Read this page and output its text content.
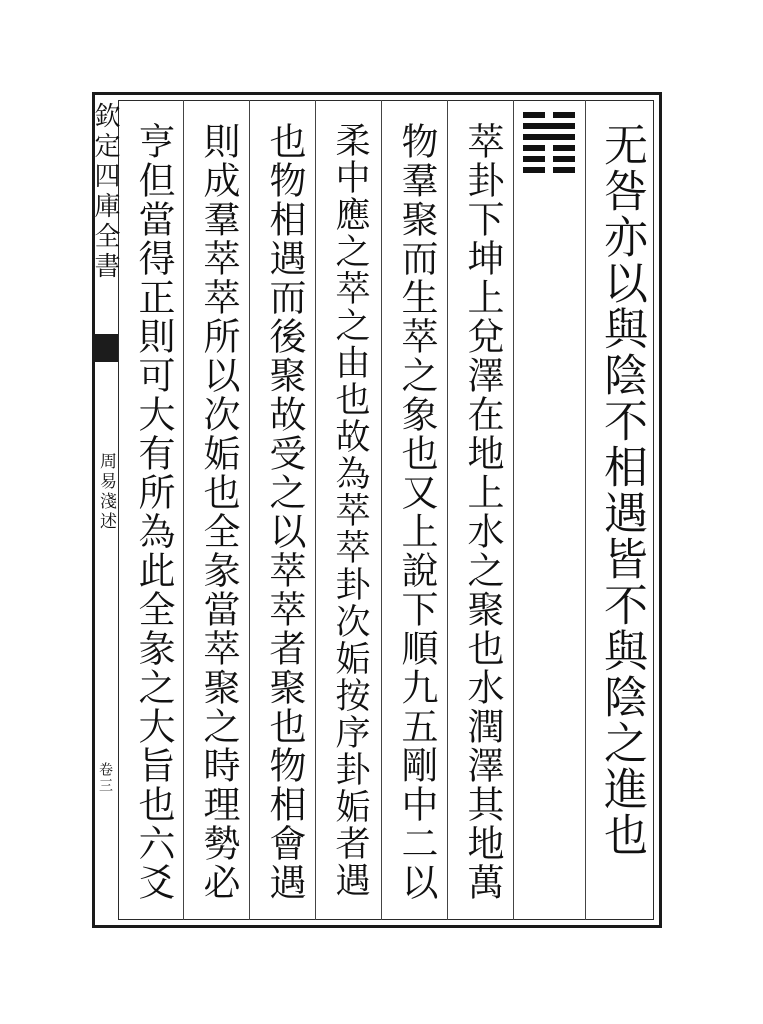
欽定四庫全書
周易淺述
卷三	无咎亦以與陰不相遇皆不與陰之進也
萃卦下坤上兌澤在地上水之聚也水潤澤其地萬
物羣聚而生萃之象也又上說下順九五剛中二以
柔中應之萃之由也故為萃萃卦次姤按序卦姤者遇
也物相遇而後聚故受之以萃萃者聚也物相會遇
則成羣萃萃所以次姤也全彖當萃聚之時理勢必
亨但當得正則可大有所為此全彖之大旨也六爻
